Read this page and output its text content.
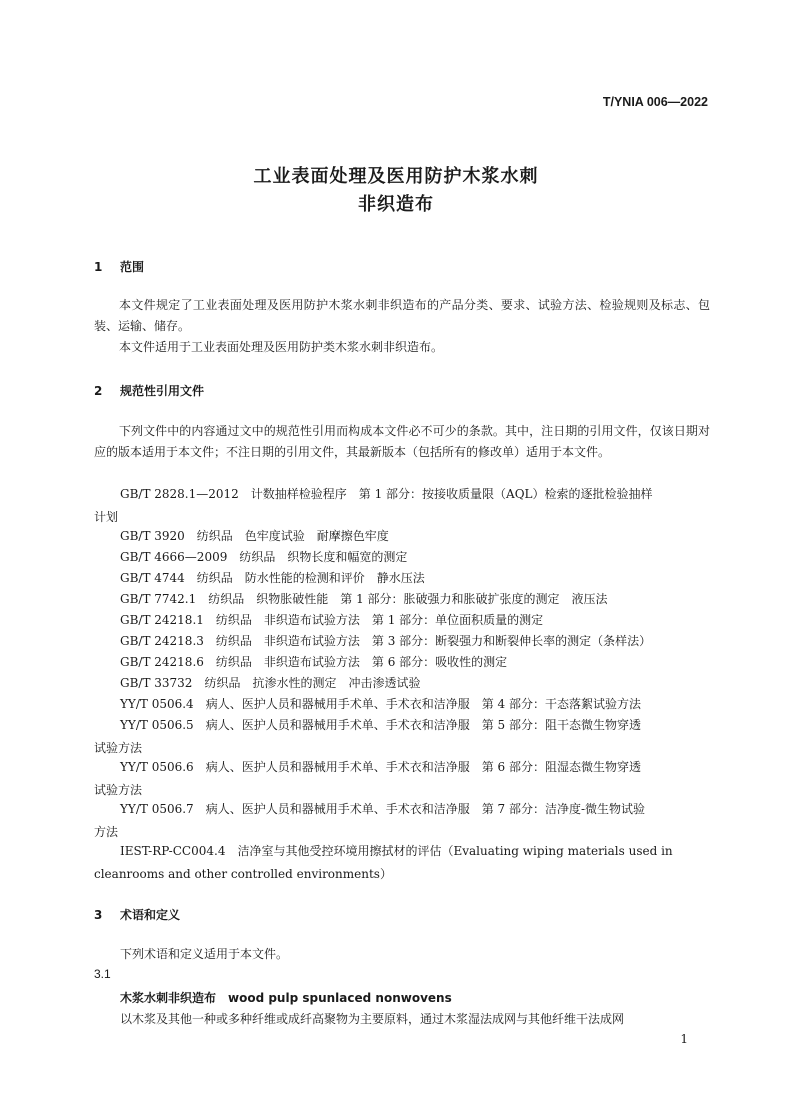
T/YNIA 006—2022
工业表面处理及医用防护木浆水刺
非织造布
1 范围
本文件规定了工业表面处理及医用防护木浆水刺非织造布的产品分类、要求、试验方法、检验规则及标志、包装、运输、储存。
本文件适用于工业表面处理及医用防护类木浆水刺非织造布。
2 规范性引用文件
下列文件中的内容通过文中的规范性引用而构成本文件必不可少的条款。其中，注日期的引用文件，仅该日期对应的版本适用于本文件；不注日期的引用文件，其最新版本（包括所有的修改单）适用于本文件。
GB/T 2828.1—2012　计数抽样检验程序　第 1 部分：按接收质量限（AQL）检索的逐批检验抽样
计划
GB/T 3920　纺织品　色牢度试验　耐摩擦色牢度
GB/T 4666—2009　纺织品　织物长度和幅宽的测定
GB/T 4744　纺织品　防水性能的检测和评价　静水压法
GB/T 7742.1　纺织品　织物胀破性能　第 1 部分：胀破强力和胀破扩张度的测定　液压法
GB/T 24218.1　纺织品　非织造布试验方法　第 1 部分：单位面积质量的测定
GB/T 24218.3　纺织品　非织造布试验方法　第 3 部分：断裂强力和断裂伸长率的测定（条样法）
GB/T 24218.6　纺织品　非织造布试验方法　第 6 部分：吸收性的测定
GB/T 33732　纺织品　抗渗水性的测定　冲击渗透试验
YY/T 0506.4　病人、医护人员和器械用手术单、手术衣和洁净服　第 4 部分：干态落絮试验方法
YY/T 0506.5　病人、医护人员和器械用手术单、手术衣和洁净服　第 5 部分：阻干态微生物穿透
试验方法
YY/T 0506.6　病人、医护人员和器械用手术单、手术衣和洁净服　第 6 部分：阻湿态微生物穿透
试验方法
YY/T 0506.7　病人、医护人员和器械用手术单、手术衣和洁净服　第 7 部分：洁净度-微生物试验
方法
IEST-RP-CC004.4　洁净室与其他受控环境用擦拭材的评估（Evaluating wiping materials used in
cleanrooms and other controlled environments）
3 术语和定义
下列术语和定义适用于本文件。
3.1
木浆水刺非织造布　wood pulp spunlaced nonwovens
以木浆及其他一种或多种纤维或成纤高聚物为主要原料，通过木浆湿法成网与其他纤维干法成网
1
